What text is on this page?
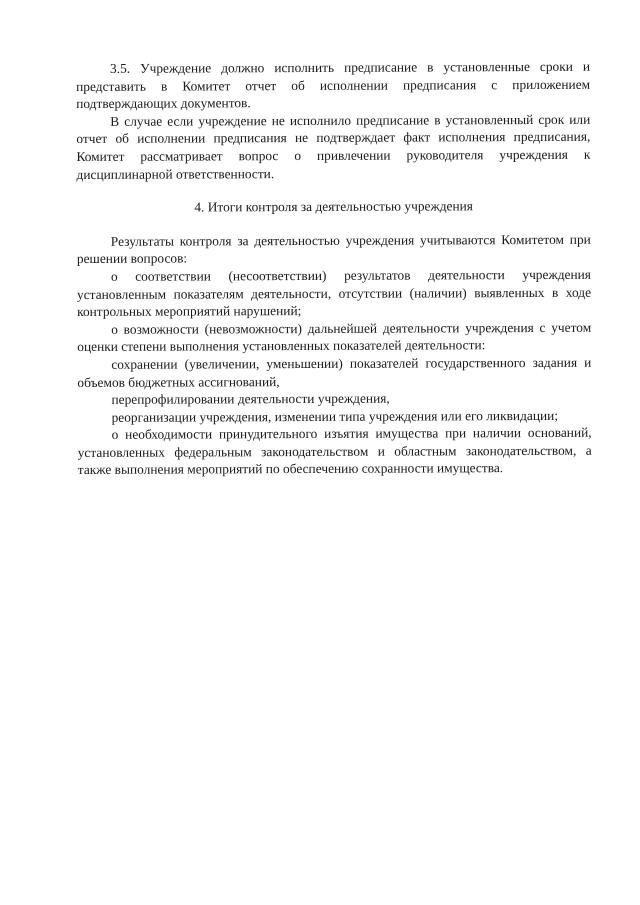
3.5. Учреждение должно исполнить предписание в установленные сроки и представить в Комитет отчет об исполнении предписания с приложением подтверждающих документов.

В случае если учреждение не исполнило предписание в установленный срок или отчет об исполнении предписания не подтверждает факт исполнения предписания, Комитет рассматривает вопрос о привлечении руководителя учреждения к дисциплинарной ответственности.

4. Итоги контроля за деятельностью учреждения

Результаты контроля за деятельностью учреждения учитываются Комитетом при решении вопросов:

о соответствии (несоответствии) результатов деятельности учреждения установленным показателям деятельности, отсутствии (наличии) выявленных в ходе контрольных мероприятий нарушений;

о возможности (невозможности) дальнейшей деятельности учреждения с учетом оценки степени выполнения установленных показателей деятельности:

сохранении (увеличении, уменьшении) показателей государственного задания и объемов бюджетных ассигнований,

перепрофилировании деятельности учреждения,

реорганизации учреждения, изменении типа учреждения или его ликвидации;

о необходимости принудительного изъятия имущества при наличии оснований, установленных федеральным законодательством и областным законодательством, а также выполнения мероприятий по обеспечению сохранности имущества.
